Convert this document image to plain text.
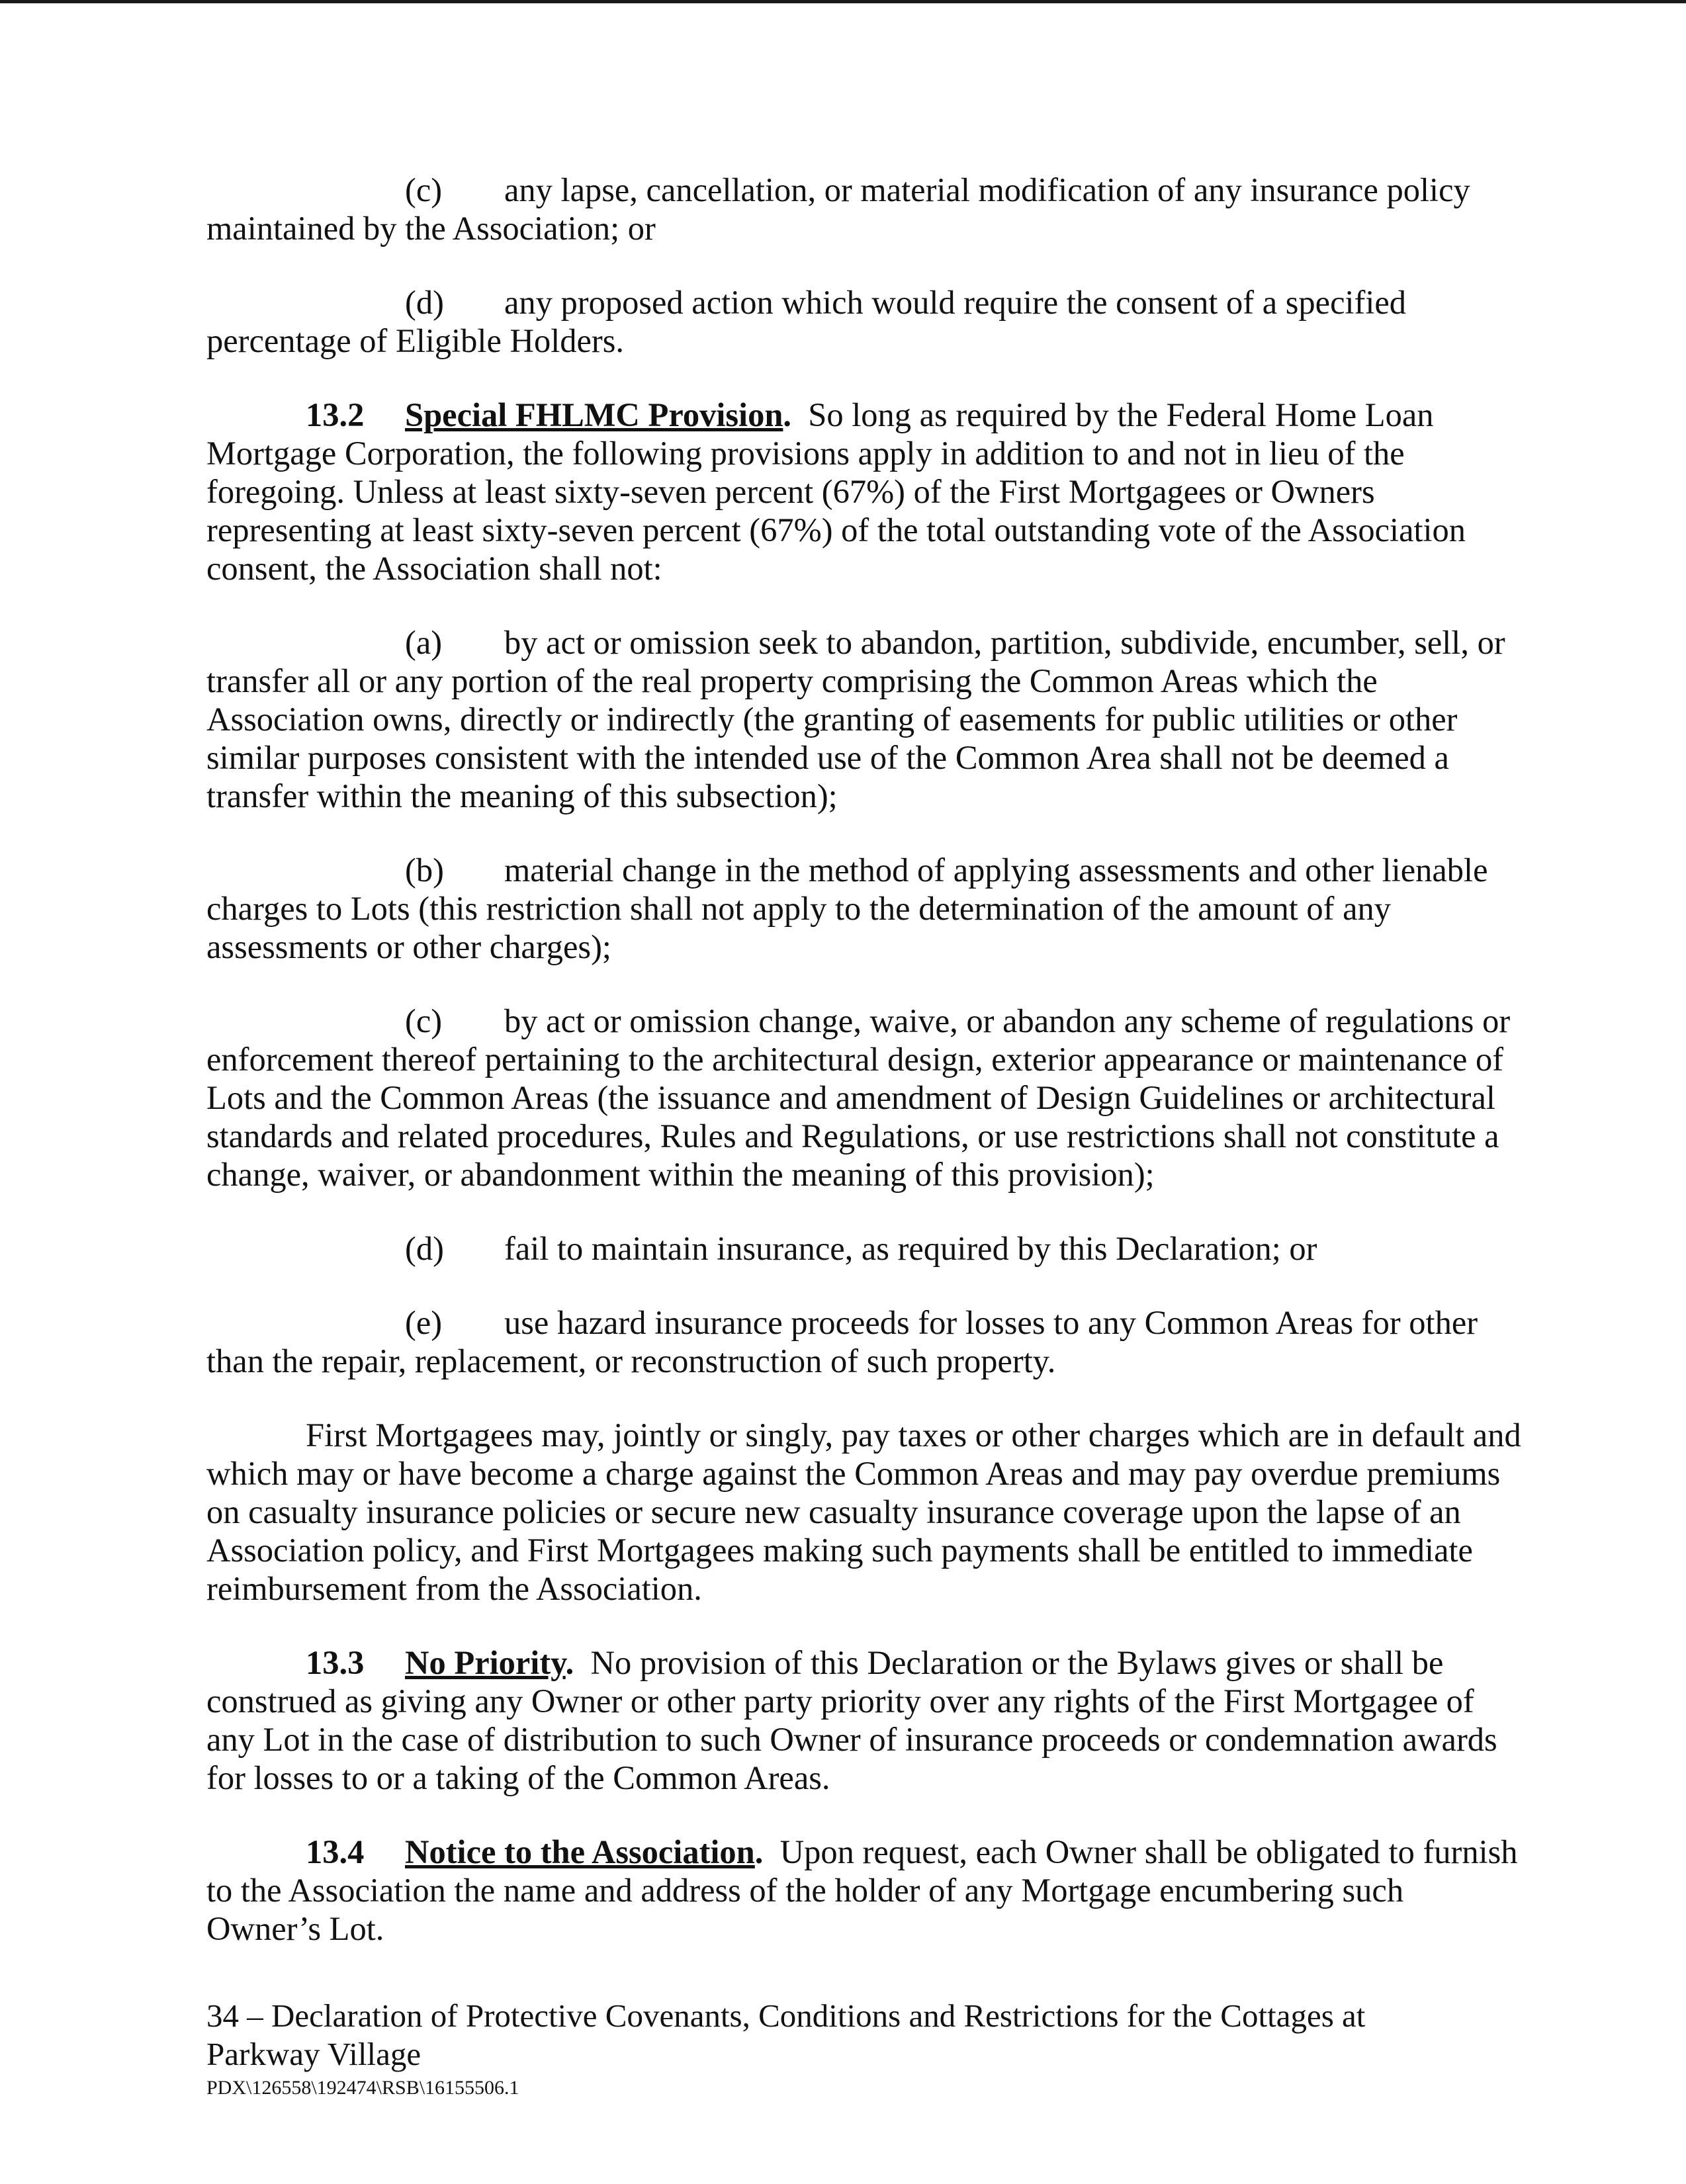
(c) any lapse, cancellation, or material modification of any insurance policy maintained by the Association; or

(d) any proposed action which would require the consent of a specified percentage of Eligible Holders.

13.2 Special FHLMC Provision. So long as required by the Federal Home Loan Mortgage Corporation, the following provisions apply in addition to and not in lieu of the foregoing. Unless at least sixty-seven percent (67%) of the First Mortgagees or Owners representing at least sixty-seven percent (67%) of the total outstanding vote of the Association consent, the Association shall not:

(a) by act or omission seek to abandon, partition, subdivide, encumber, sell, or transfer all or any portion of the real property comprising the Common Areas which the Association owns, directly or indirectly (the granting of easements for public utilities or other similar purposes consistent with the intended use of the Common Area shall not be deemed a transfer within the meaning of this subsection);

(b) material change in the method of applying assessments and other lienable charges to Lots (this restriction shall not apply to the determination of the amount of any assessments or other charges);

(c) by act or omission change, waive, or abandon any scheme of regulations or enforcement thereof pertaining to the architectural design, exterior appearance or maintenance of Lots and the Common Areas (the issuance and amendment of Design Guidelines or architectural standards and related procedures, Rules and Regulations, or use restrictions shall not constitute a change, waiver, or abandonment within the meaning of this provision);

(d) fail to maintain insurance, as required by this Declaration; or

(e) use hazard insurance proceeds for losses to any Common Areas for other than the repair, replacement, or reconstruction of such property.

First Mortgagees may, jointly or singly, pay taxes or other charges which are in default and which may or have become a charge against the Common Areas and may pay overdue premiums on casualty insurance policies or secure new casualty insurance coverage upon the lapse of an Association policy, and First Mortgagees making such payments shall be entitled to immediate reimbursement from the Association.

13.3 No Priority. No provision of this Declaration or the Bylaws gives or shall be construed as giving any Owner or other party priority over any rights of the First Mortgagee of any Lot in the case of distribution to such Owner of insurance proceeds or condemnation awards for losses to or a taking of the Common Areas.

13.4 Notice to the Association. Upon request, each Owner shall be obligated to furnish to the Association the name and address of the holder of any Mortgage encumbering such Owner’s Lot.

34 – Declaration of Protective Covenants, Conditions and Restrictions for the Cottages at
Parkway Village
PDX\126558\192474\RSB\16155506.1
